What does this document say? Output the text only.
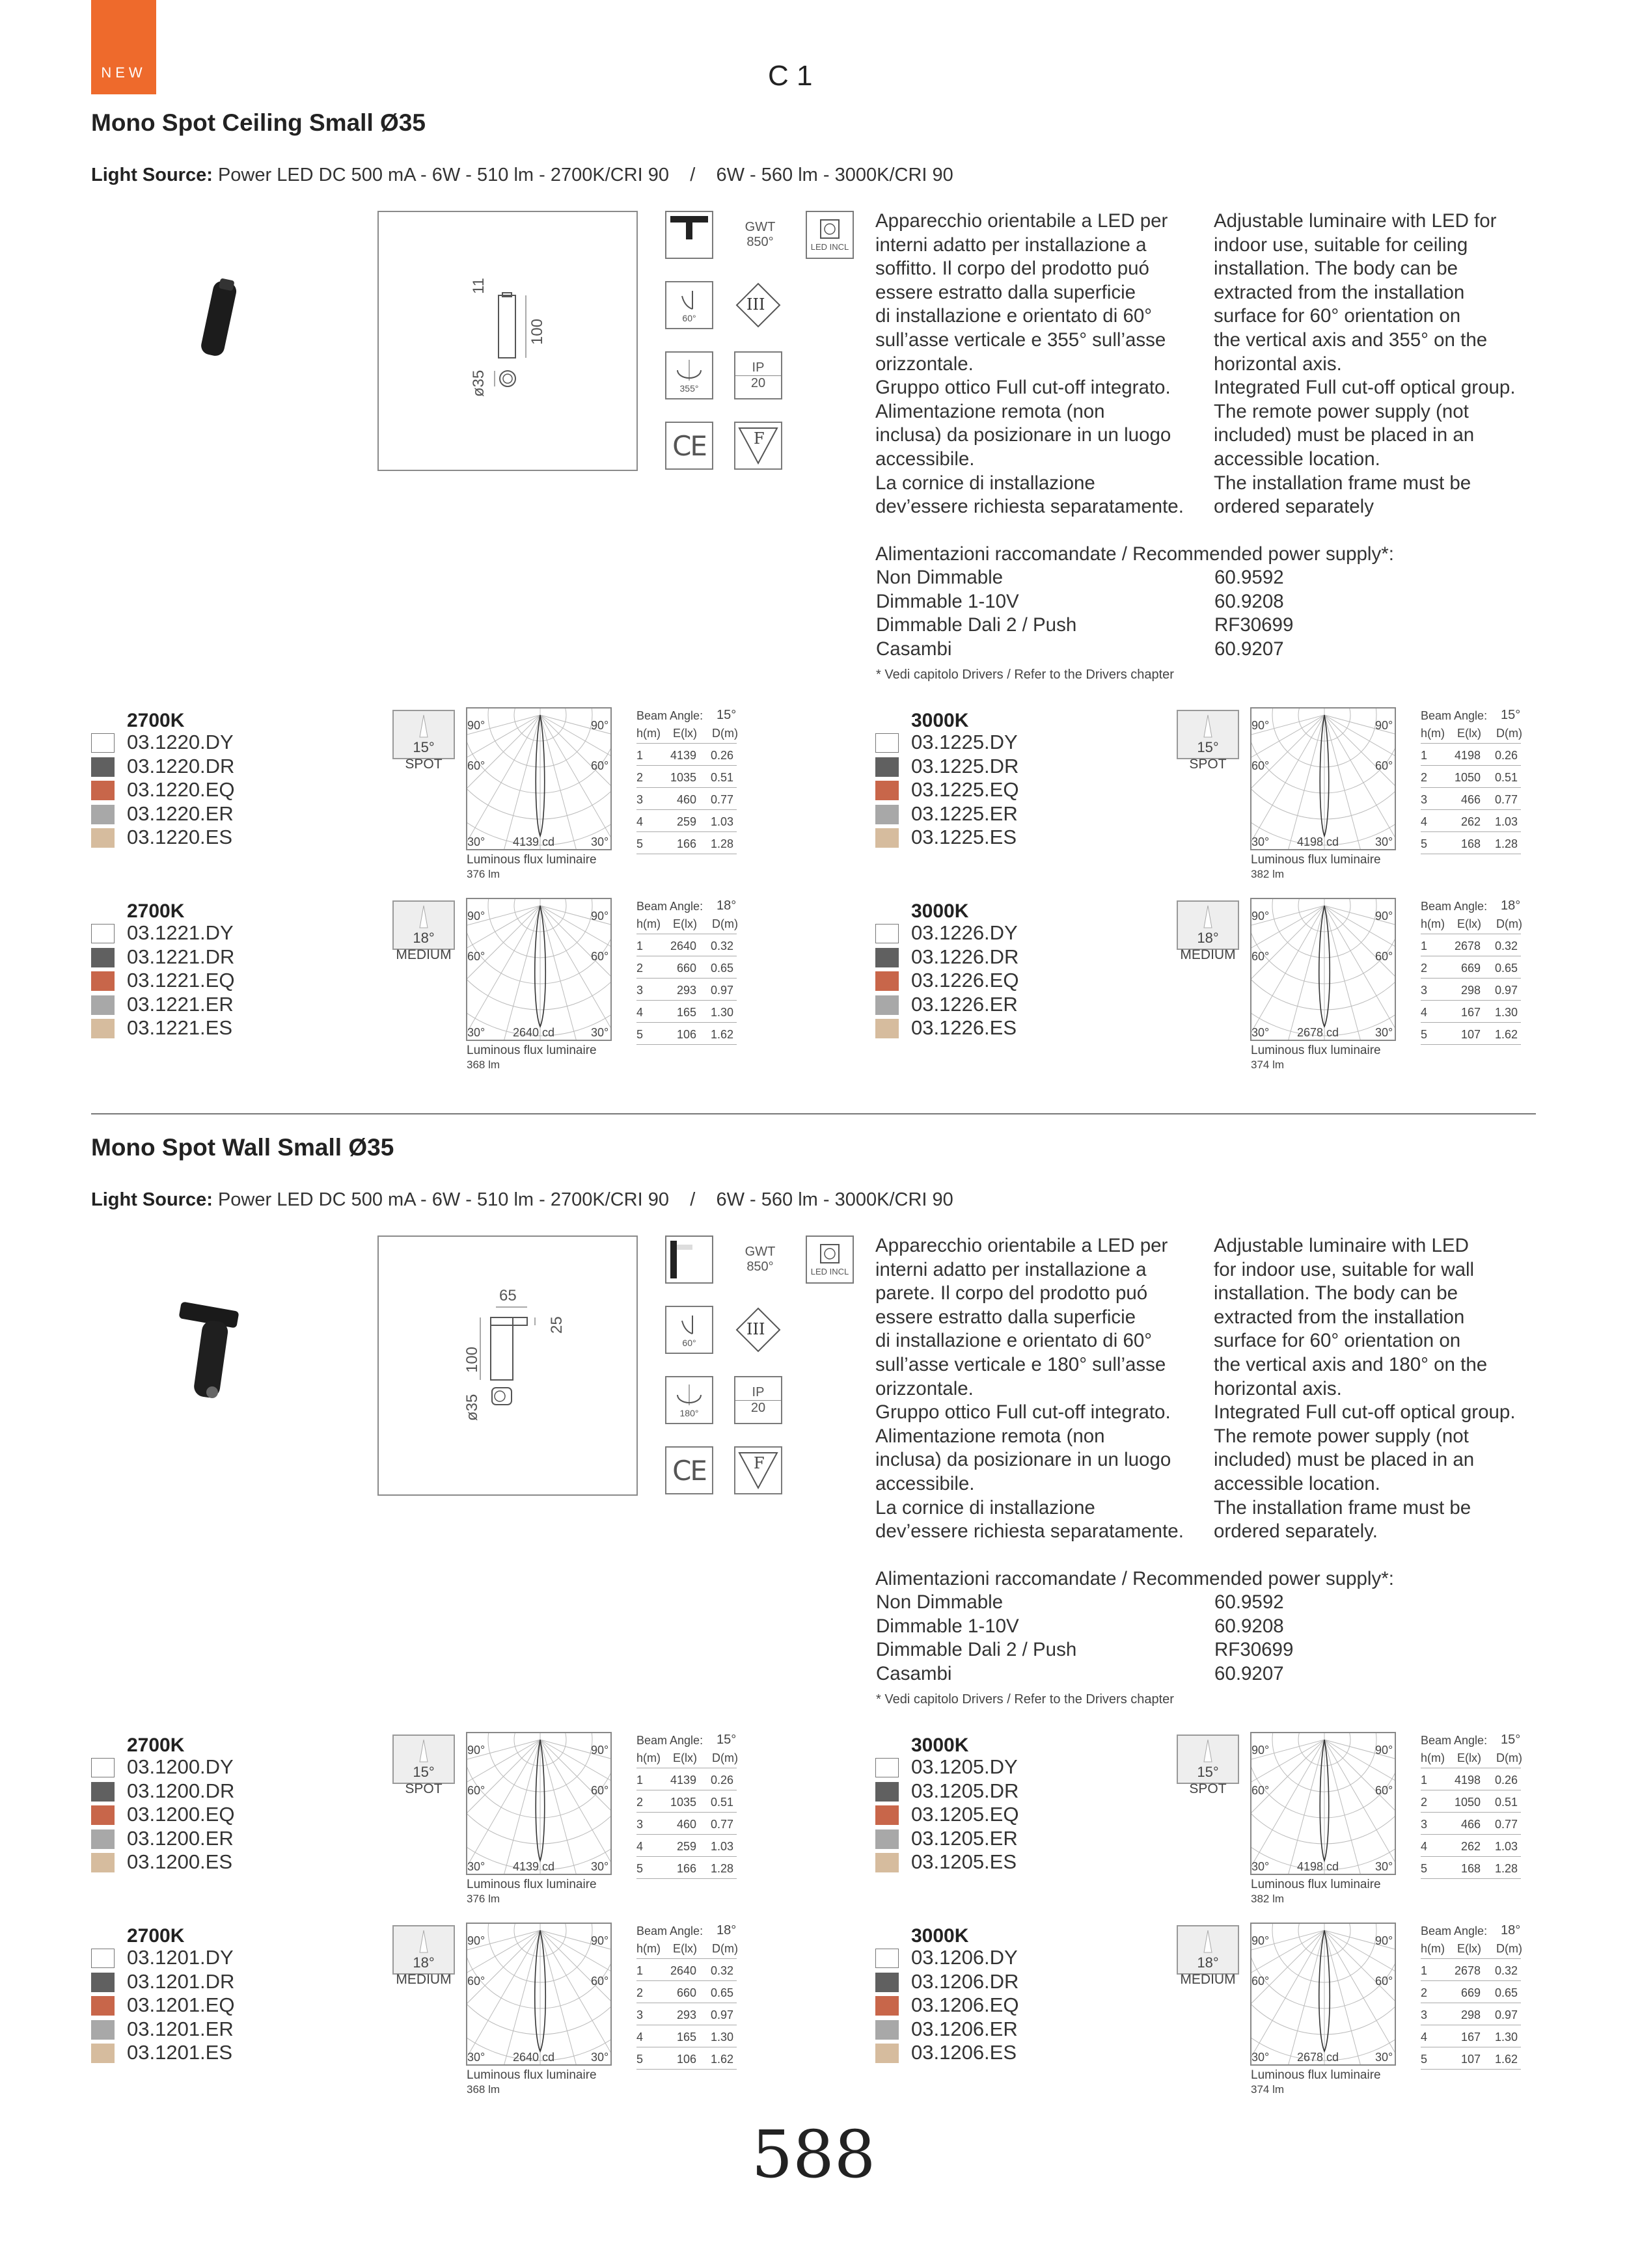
NEW	C 1
588
Mono Spot Ceiling Small Ø35
Light Source: Power LED DC 500 mA - 6W - 510 lm - 2700K/CRI 90    /    6W - 560 lm - 3000K/CRI 90
11
100
ø35
GWT
850°	LED INCL
60°
III
355°
IP
20
CE	F
Apparecchio orientabile a LED per
interni adatto per installazione a
soffitto. Il corpo del prodotto puó
essere estratto dalla superficie
di installazione e orientato di 60°
sull’asse verticale e 355° sull’asse
orizzontale.
Gruppo ottico Full cut-off integrato.
Alimentazione remota (non
inclusa) da posizionare in un luogo
accessibile.
La cornice di installazione
dev’essere richiesta separatamente.
Adjustable luminaire with LED for
indoor use, suitable for ceiling
installation. The body can be
extracted from the installation
surface for 60° orientation on
the vertical axis and 355° on the
horizontal axis.
Integrated Full cut-off optical group.
The remote power supply (not
included) must be placed in an
accessible location.
The installation frame must be
ordered separately
Alimentazioni raccomandate / Recommended power supply*:
Non Dimmable	60.9592
Dimmable 1-10V	60.9208
Dimmable Dali 2 / Push	RF30699
Casambi	60.9207
* Vedi capitolo Drivers / Refer to the Drivers chapter
2700K
03.1220.DY
03.1220.DR
03.1220.EQ
03.1220.ER
03.1220.ES
15°
SPOT
90°	90°
60°	60°
30°	30°
4139 cd
Luminous flux luminaire
376 lm
Beam Angle: 15°
h(m) E(lx) D(m)
1	4139 0.26
2	1035 0.51
3	460 0.77
4	259 1.03
5	166 1.28
3000K
03.1225.DY
03.1225.DR
03.1225.EQ
03.1225.ER
03.1225.ES
15°
SPOT
90°	90°
60°	60°
30°	30°
4198 cd
Luminous flux luminaire
382 lm
Beam Angle: 15°
h(m) E(lx) D(m)
1	4198 0.26
2	1050 0.51
3	466 0.77
4	262 1.03
5	168 1.28
2700K
03.1221.DY
03.1221.DR
03.1221.EQ
03.1221.ER
03.1221.ES
18°
MEDIUM
90°	90°
60°	60°
30°	30°
2640 cd
Luminous flux luminaire
368 lm
Beam Angle: 18°
h(m) E(lx) D(m)
1	2640 0.32
2	660 0.65
3	293 0.97
4	165 1.30
5	106 1.62
3000K
03.1226.DY
03.1226.DR
03.1226.EQ
03.1226.ER
03.1226.ES
18°
MEDIUM
90°	90°
60°	60°
30°	30°
2678 cd
Luminous flux luminaire
374 lm
Beam Angle: 18°
h(m) E(lx) D(m)
1	2678 0.32
2	669 0.65
3	298 0.97
4	167 1.30
5	107 1.62
Mono Spot Wall Small Ø35
Light Source: Power LED DC 500 mA - 6W - 510 lm - 2700K/CRI 90    /    6W - 560 lm - 3000K/CRI 90
65
25
100
ø35
GWT
850°	LED INCL
60°
III
180°
IP
20
CE	F
Apparecchio orientabile a LED per
interni adatto per installazione a
parete. Il corpo del prodotto puó
essere estratto dalla superficie
di installazione e orientato di 60°
sull’asse verticale e 180° sull’asse
orizzontale.
Gruppo ottico Full cut-off integrato.
Alimentazione remota (non
inclusa) da posizionare in un luogo
accessibile.
La cornice di installazione
dev’essere richiesta separatamente.
Adjustable luminaire with LED
for indoor use, suitable for wall
installation. The body can be
extracted from the installation
surface for 60° orientation on
the vertical axis and 180° on the
horizontal axis.
Integrated Full cut-off optical group.
The remote power supply (not
included) must be placed in an
accessible location.
The installation frame must be
ordered separately.
Alimentazioni raccomandate / Recommended power supply*:
Non Dimmable	60.9592
Dimmable 1-10V	60.9208
Dimmable Dali 2 / Push	RF30699
Casambi	60.9207
* Vedi capitolo Drivers / Refer to the Drivers chapter
2700K
03.1200.DY
03.1200.DR
03.1200.EQ
03.1200.ER
03.1200.ES
15°
SPOT
90°	90°
60°	60°
30°	30°
4139 cd
Luminous flux luminaire
376 lm
Beam Angle: 15°
h(m) E(lx) D(m)
1	4139 0.26
2	1035 0.51
3	460 0.77
4	259 1.03
5	166 1.28
3000K
03.1205.DY
03.1205.DR
03.1205.EQ
03.1205.ER
03.1205.ES
15°
SPOT
90°	90°
60°	60°
30°	30°
4198 cd
Luminous flux luminaire
382 lm
Beam Angle: 15°
h(m) E(lx) D(m)
1	4198 0.26
2	1050 0.51
3	466 0.77
4	262 1.03
5	168 1.28
2700K
03.1201.DY
03.1201.DR
03.1201.EQ
03.1201.ER
03.1201.ES
18°
MEDIUM
90°	90°
60°	60°
30°	30°
2640 cd
Luminous flux luminaire
368 lm
Beam Angle: 18°
h(m) E(lx) D(m)
1	2640 0.32
2	660 0.65
3	293 0.97
4	165 1.30
5	106 1.62
3000K
03.1206.DY
03.1206.DR
03.1206.EQ
03.1206.ER
03.1206.ES
18°
MEDIUM
90°	90°
60°	60°
30°	30°
2678 cd
Luminous flux luminaire
374 lm
Beam Angle: 18°
h(m) E(lx) D(m)
1	2678 0.32
2	669 0.65
3	298 0.97
4	167 1.30
5	107 1.62
